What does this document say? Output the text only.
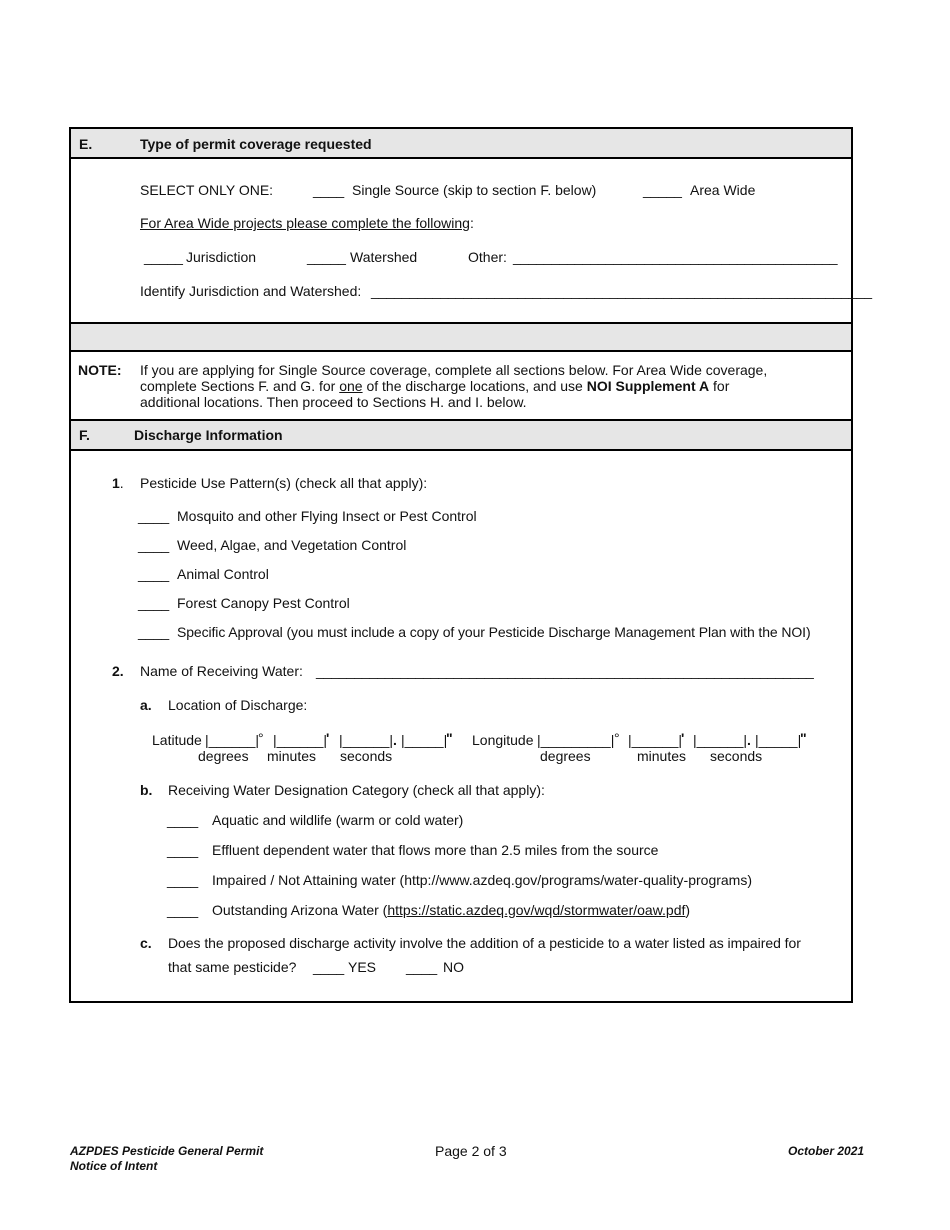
E.	Type of permit coverage requested
SELECT ONLY ONE:	____ Single Source (skip to section F. below)	_____ Area Wide
For Area Wide projects please complete the following:
_____ Jurisdiction	_____ Watershed	Other: __________________________________________
Identify Jurisdiction and Watershed: _________________________________________________________________
NOTE: If you are applying for Single Source coverage, complete all sections below. For Area Wide coverage,
complete Sections F. and G. for one of the discharge locations, and use NOI Supplement A for
additional locations. Then proceed to Sections H. and I. below.
F.	Discharge Information
1. Pesticide Use Pattern(s) (check all that apply):
____ Mosquito and other Flying Insect or Pest Control
____ Weed, Algae, and Vegetation Control
____ Animal Control
____ Forest Canopy Pest Control
____ Specific Approval (you must include a copy of your Pesticide Discharge Management Plan with the NOI)
2. Name of Receiving Water: _________________________________________________________________
a. Location of Discharge:
Latitude |______| ° |______| ' |______| . |_____|
" Longitude |_________| ° |______| ' |______| . |_____|
"
degrees minutes seconds	degrees	minutes seconds
b. Receiving Water Designation Category (check all that apply):
____ Aquatic and wildlife (warm or cold water)
____ Effluent dependent water that flows more than 2.5 miles from the source
____ Impaired / Not Attaining water (http://www.azdeq.gov/programs/water-quality-programs)
____ Outstanding Arizona Water (https://static.azdeq.gov/wqd/stormwater/oaw.pdf)
c. Does the proposed discharge activity involve the addition of a pesticide to a water listed as impaired for
that same pesticide? ____ YES ____ NO
AZPDES Pesticide General Permit
Notice of Intent
Page 2 of 3	October 2021
